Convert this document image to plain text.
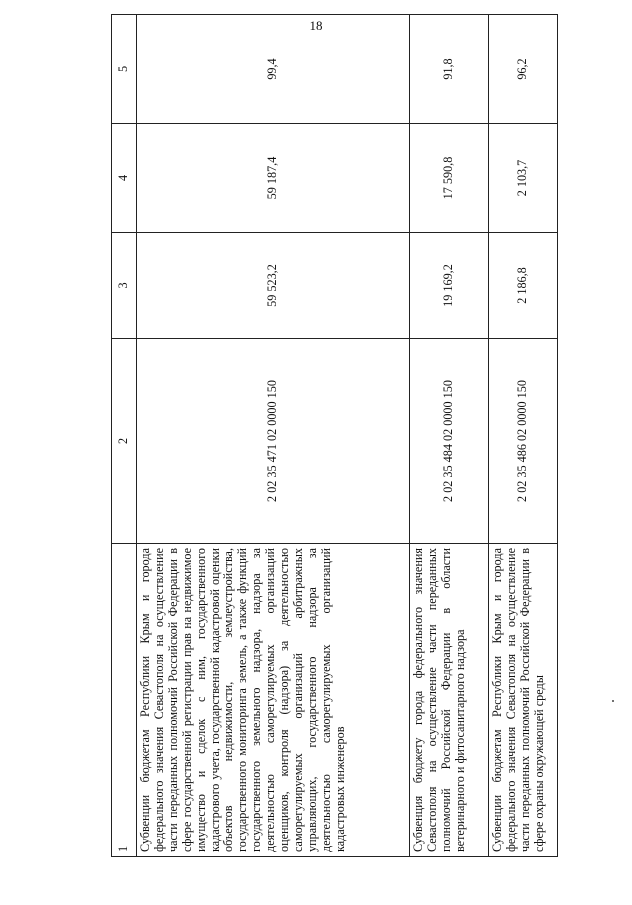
18
1	2	3	4	5
Субвенции бюджетам Республики Крым и города федерального значения Севастополя на осуществление части переданных полномочий Российской Федерации в сфере государственной регистрации прав на недвижимое имущество и сделок с ним, государственного кадастрового учета, государственной кадастровой оценки объектов недвижимости, землеустройства, государственного мониторинга земель, а также функций государственного земельного надзора, надзора за деятельностью саморегулируемых организаций оценщиков, контроля (надзора) за деятельностью саморегулируемых организаций арбитражных управляющих, государственного надзора за деятельностью саморегулируемых организаций кадастровых инженеров	2 02 35 471 02 0000 150	59 523,2	59 187,4	99,4
Субвенция бюджету города федерального значения Севастополя на осуществление части переданных полномочий Российской Федерации в области ветеринарного и фитосанитарного надзора	2 02 35 484 02 0000 150	19 169,2	17 590,8	91,8
Субвенции бюджетам Республики Крым и города федерального значения Севастополя на осуществление части переданных полномочий Российской Федерации в сфере охраны окружающей среды	2 02 35 486 02 0000 150	2 186,8	2 103,7	96,2
